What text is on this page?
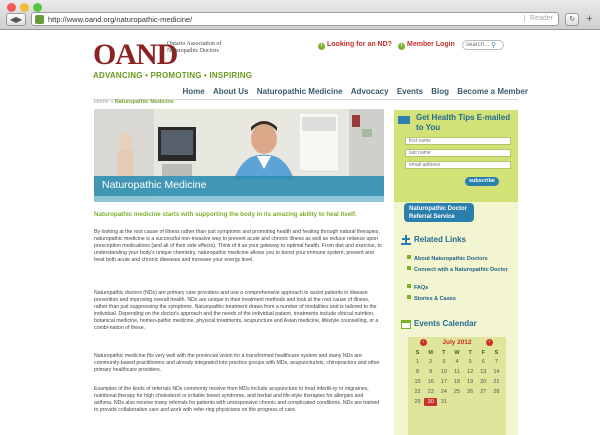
◀▶	http://www.oand.org/naturopathic-medicine/	Reader	↻	+
OAND
Ontario Association of Naturopathic Doctors
ADVANCING • PROMOTING • INSPIRING
› Looking for an ND?	› Member Login
search...	⚲
Home About Us Naturopathic Medicine Advocacy Events Blog Become a Member
Home » Naturopathic Medicine
Naturopathic Medicine
Naturopathic medicine starts with supporting the body in its amazing ability to heal itself.
By looking at the root cause of illness rather than just symptoms and promoting health and healing through natural therapies, naturopathic medicine is a successful non-invasive way to prevent acute and chronic illness as well as reduce reliance upon prescription medications (and all of their side effects). Think of it as your gateway to optimal health. From diet and exercise, to understanding your body's unique chemistry, naturopathic medicine allows you to boost your immune system, prevent and treat both acute and chronic diseases and increase your energy level.
Naturopathic doctors (NDs) are primary care providers and use a comprehensive approach to assist patients in disease prevention and improving overall health. NDs are unique in their treatment methods and look at the root cause of illness, rather than just suppressing the symptoms. Naturopathic treatment draws from a number of modalities and is tailored to the individual. Depending on the doctor's approach and the needs of the individual patient, treatments include clinical nutrition, botanical medicine, homeo-pathic medicine, physical treatments, acupuncture and Asian medicine, lifestyle counselling, or a combi-nation of these.
Naturopathic medicine fits very well with the provincial vision for a transformed healthcare system and many NDs are community-based practitioners and already integrated into practice groups with MDs, acupuncturists, chiropractors and other primary healthcare providers.
Examples of the kinds of referrals NDs commonly receive from MDs include acupuncture to treat infertili-ty or migraines, nutritional therapy for high cholesterol or irritable bowel syndrome, and herbal and life-style therapies for allergies and asthma. NDs also receive many referrals for patients with unresponsive chronic and complicated conditions. NDs are trained to provide collaborative care and work with refer-ring physicians on the progress of care.
Get Health Tips E-mailed to You
first name
last name
email address
subscribe
Naturopathic Doctor Referral Service
Related Links
About Naturopathic Doctors
Connect with a Naturopathic Doctor
FAQs
Stories & Cases
Events Calendar
July 2012
‹	›
S	M	T	W	T	F	S
1	2	3	4	5	6	7
8	9	10	11	12	13	14
15	16	17	18	19	20	21
22	23	24	25	26	27	28
29	30	31
